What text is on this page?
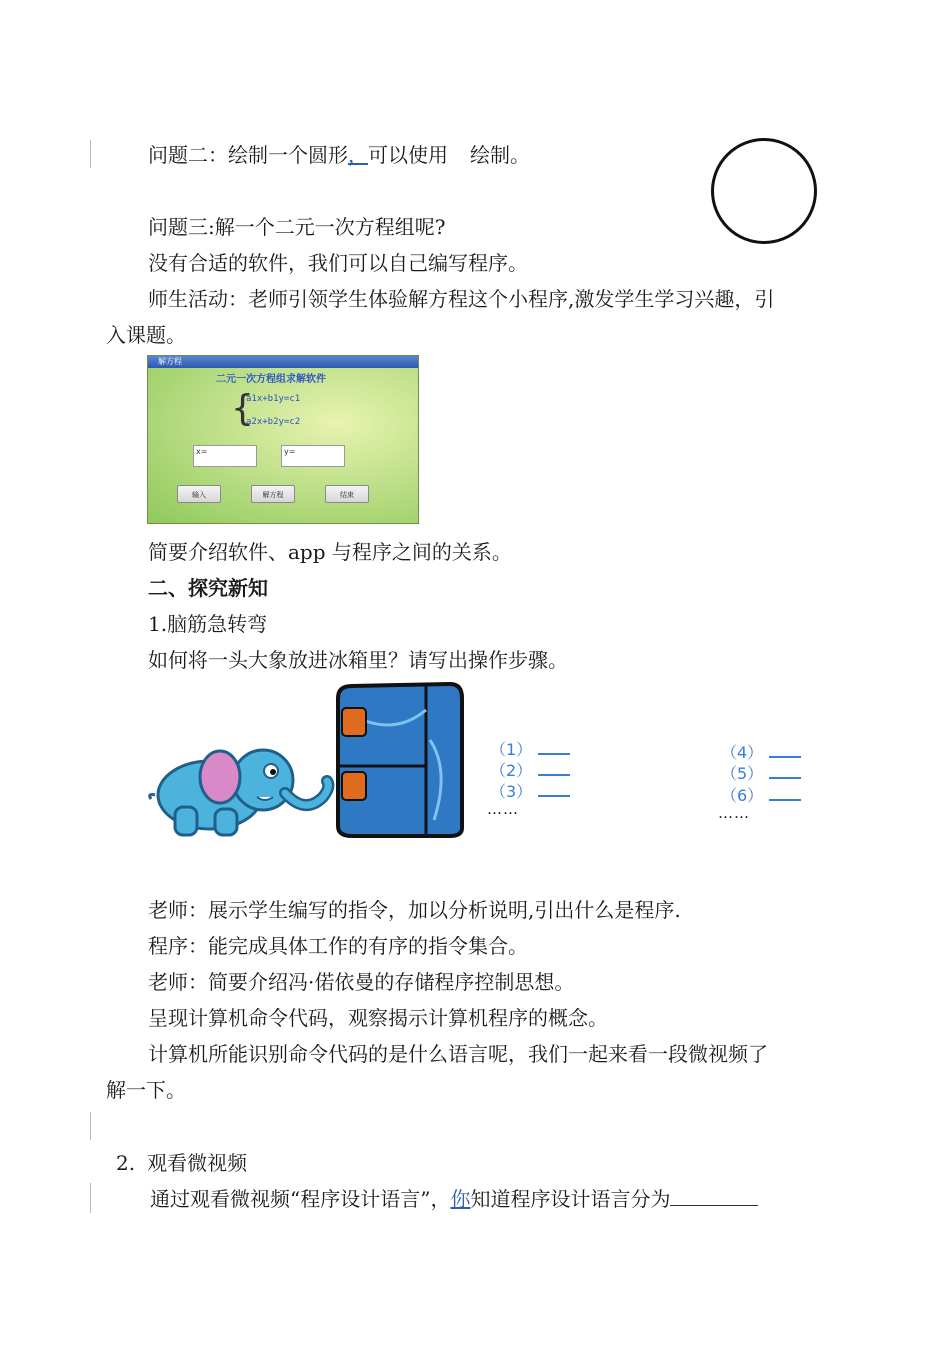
问题二：绘制一个圆形，可以使用 绘制。
问题三:解一个二元一次方程组呢?
没有合适的软件，我们可以自己编写程序。
师生活动：老师引领学生体验解方程这个小程序,激发学生学习兴趣，引
入课题。
解方程
二元一次方程组求解软件
{
a1x+b1y=c1
a2x+b2y=c2
x=	y=
输入	解方程	结束
简要介绍软件、app 与程序之间的关系。
二、探究新知
1.脑筋急转弯
如何将一头大象放进冰箱里？请写出操作步骤。
（1）
（2）
（3）
……
（4）
（5）
（6）
……
老师：展示学生编写的指令，加以分析说明,引出什么是程序.
程序：能完成具体工作的有序的指令集合。
老师：简要介绍冯·偌依曼的存储程序控制思想。
呈现计算机命令代码，观察揭示计算机程序的概念。
计算机所能识别命令代码的是什么语言呢，我们一起来看一段微视频了
解一下。
2. 观看微视频
通过观看微视频“程序设计语言”，你知道程序设计语言分为
